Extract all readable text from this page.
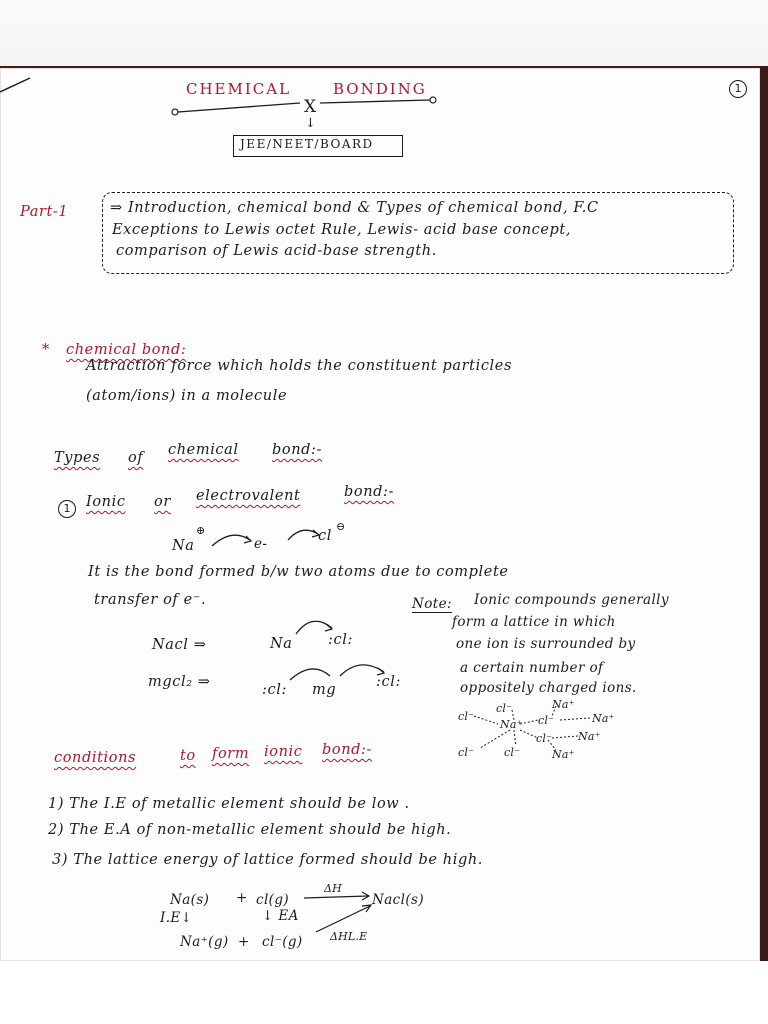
1
CHEMICAL	BONDING
X
↓
JEE/NEET/BOARD
Part-1	⇒ Introduction, chemical bond & Types of chemical bond, F.C
Exceptions to Lewis octet Rule, Lewis- acid base concept,
comparison of Lewis acid-base strength.
* chemical bond:
Attraction force which holds the constituent particles
(atom/ions) in a molecule
Types of chemical bond:-
1	Ionic or electrovalent	bond:-
Na
⊕
e-	cl
⊖
It is the bond formed b/w two atoms due to complete
transfer of e⁻.
Nacl ⇒	Na :cl:
mgcl₂ ⇒	:cl: mg	:cl:
Note: Ionic compounds generally
form a lattice in which
one ion is surrounded by
a certain number of
oppositely charged ions.
cl⁻
cl⁻	Na⁺
Na⁺ cl⁻	Na⁺
cl⁻ Na⁺
cl⁻	cl⁻	Na⁺
conditions	to form ionic bond:-
1) The I.E of metallic element should be low .
2) The E.A of non-metallic element should be high.
3) The lattice energy of lattice formed should be high.
Na(s) + cl(g)
ΔH
Nacl(s)
I.E↓	↓ EA
Na⁺(g) + cl⁻(g) ΔHL.E
